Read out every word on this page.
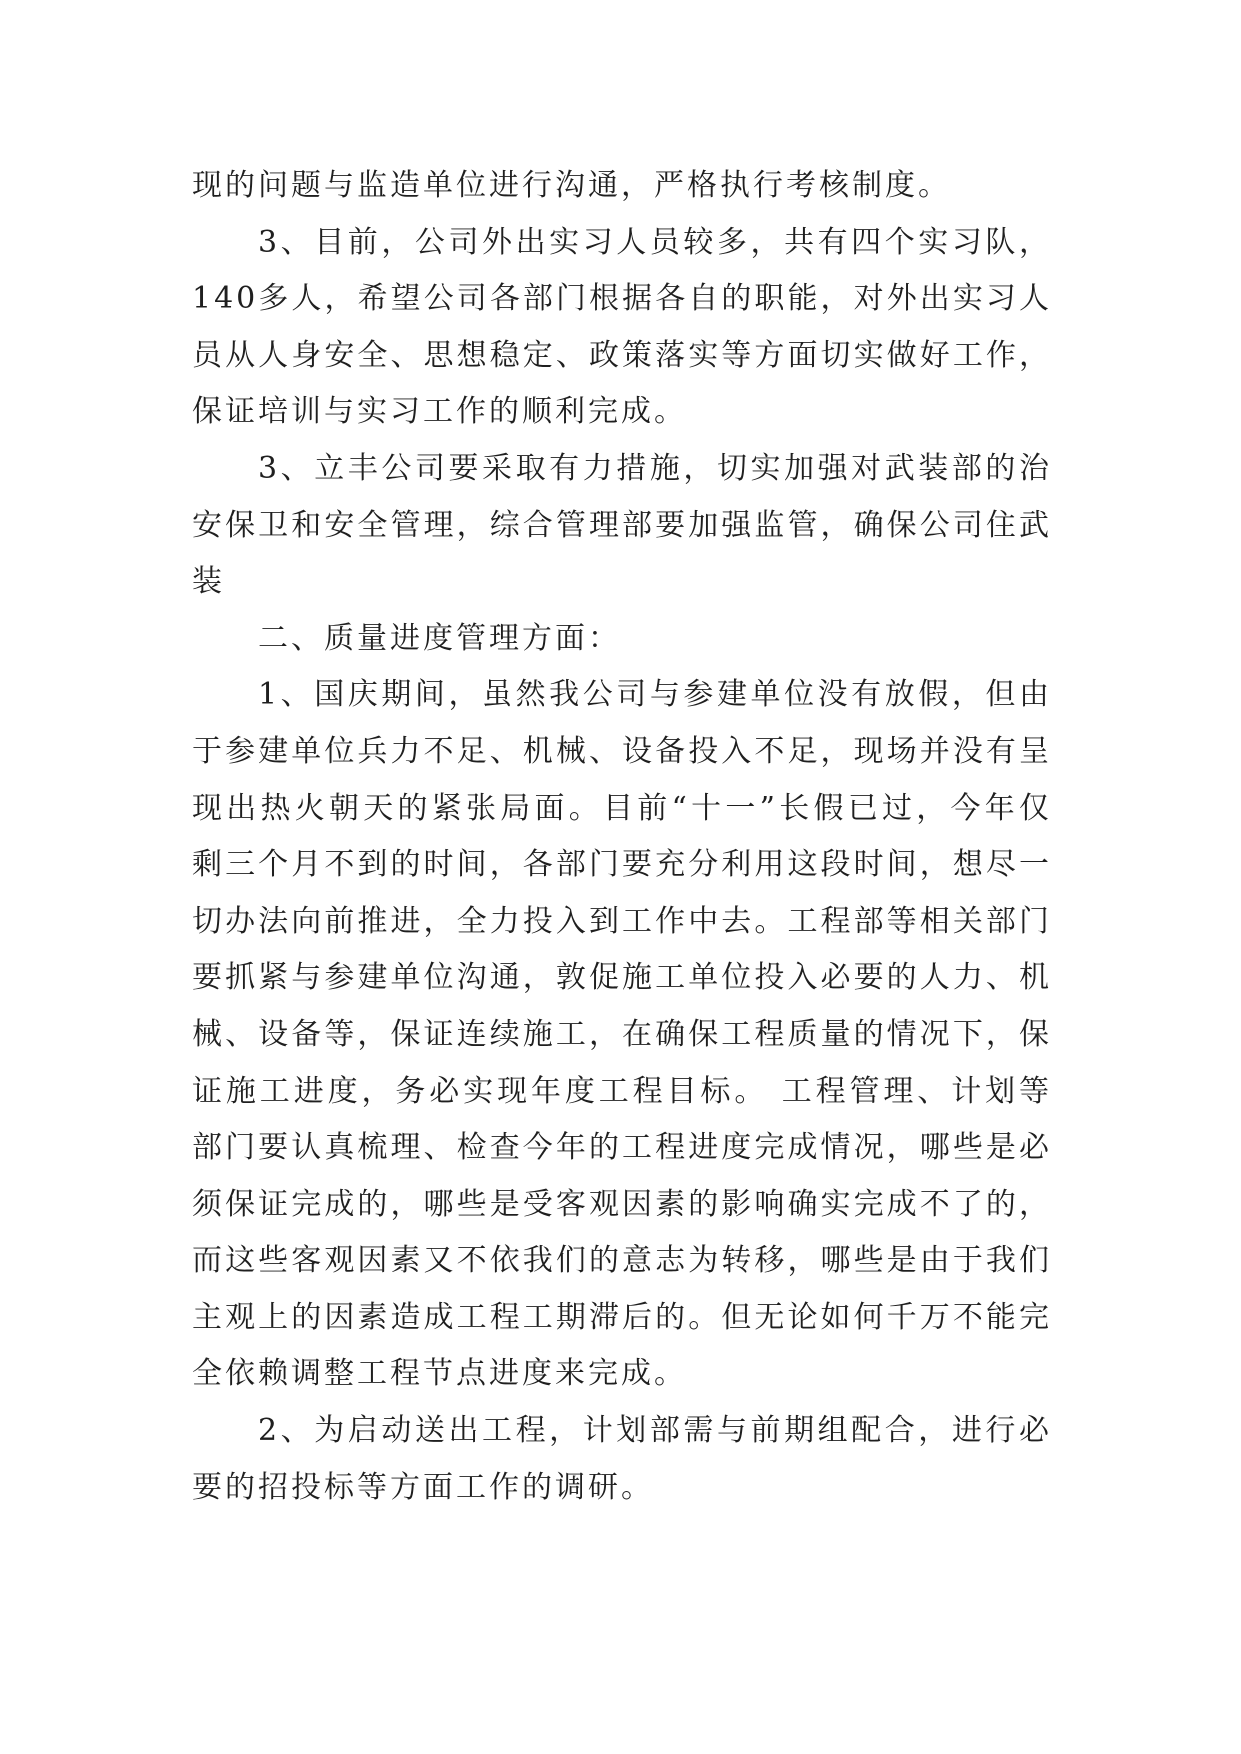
现的问题与监造单位进行沟通，严格执行考核制度。

3、目前，公司外出实习人员较多，共有四个实习队，140多人，希望公司各部门根据各自的职能，对外出实习人员从人身安全、思想稳定、政策落实等方面切实做好工作，保证培训与实习工作的顺利完成。

3、立丰公司要采取有力措施，切实加强对武装部的治安保卫和安全管理，综合管理部要加强监管，确保公司住武装

二、质量进度管理方面：

1、国庆期间，虽然我公司与参建单位没有放假，但由于参建单位兵力不足、机械、设备投入不足，现场并没有呈现出热火朝天的紧张局面。目前“十一”长假已过，今年仅剩三个月不到的时间，各部门要充分利用这段时间，想尽一切办法向前推进，全力投入到工作中去。工程部等相关部门要抓紧与参建单位沟通，敦促施工单位投入必要的人力、机械、设备等，保证连续施工，在确保工程质量的情况下，保证施工进度，务必实现年度工程目标。 工程管理、计划等部门要认真梳理、检查今年的工程进度完成情况，哪些是必须保证完成的，哪些是受客观因素的影响确实完成不了的，而这些客观因素又不依我们的意志为转移，哪些是由于我们主观上的因素造成工程工期滞后的。但无论如何千万不能完全依赖调整工程节点进度来完成。

2、为启动送出工程，计划部需与前期组配合，进行必要的招投标等方面工作的调研。
